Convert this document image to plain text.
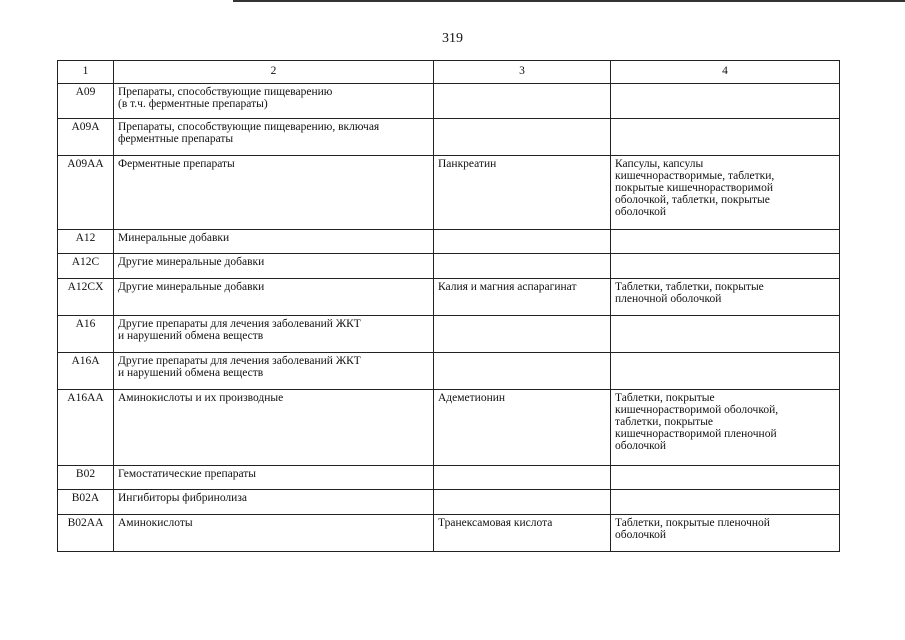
319
1	2	3	4

A09	Препараты, способствующие пищеварению
(в т.ч. ферментные препараты)		

A09A	Препараты, способствующие пищеварению, включая
ферментные препараты		

A09AA	Ферментные препараты	Панкреатин	Капсулы, капсулы
кишечнорастворимые, таблетки,
покрытые кишечнорастворимой
оболочкой, таблетки, покрытые
оболочкой

A12	Минеральные добавки		

A12C	Другие минеральные добавки		

A12CX	Другие минеральные добавки	Калия и магния аспарагинат	Таблетки, таблетки, покрытые
пленочной оболочкой

A16	Другие препараты для лечения заболеваний ЖКТ
и нарушений обмена веществ		

A16A	Другие препараты для лечения заболеваний ЖКТ
и нарушений обмена веществ		

A16AA	Аминокислоты и их производные	Адеметионин	Таблетки, покрытые
кишечнорастворимой оболочкой,
таблетки, покрытые
кишечнорастворимой пленочной
оболочкой

B02	Гемостатические препараты		

B02A	Ингибиторы фибринолиза		

B02AA	Аминокислоты	Транексамовая кислота	Таблетки, покрытые пленочной
оболочкой
